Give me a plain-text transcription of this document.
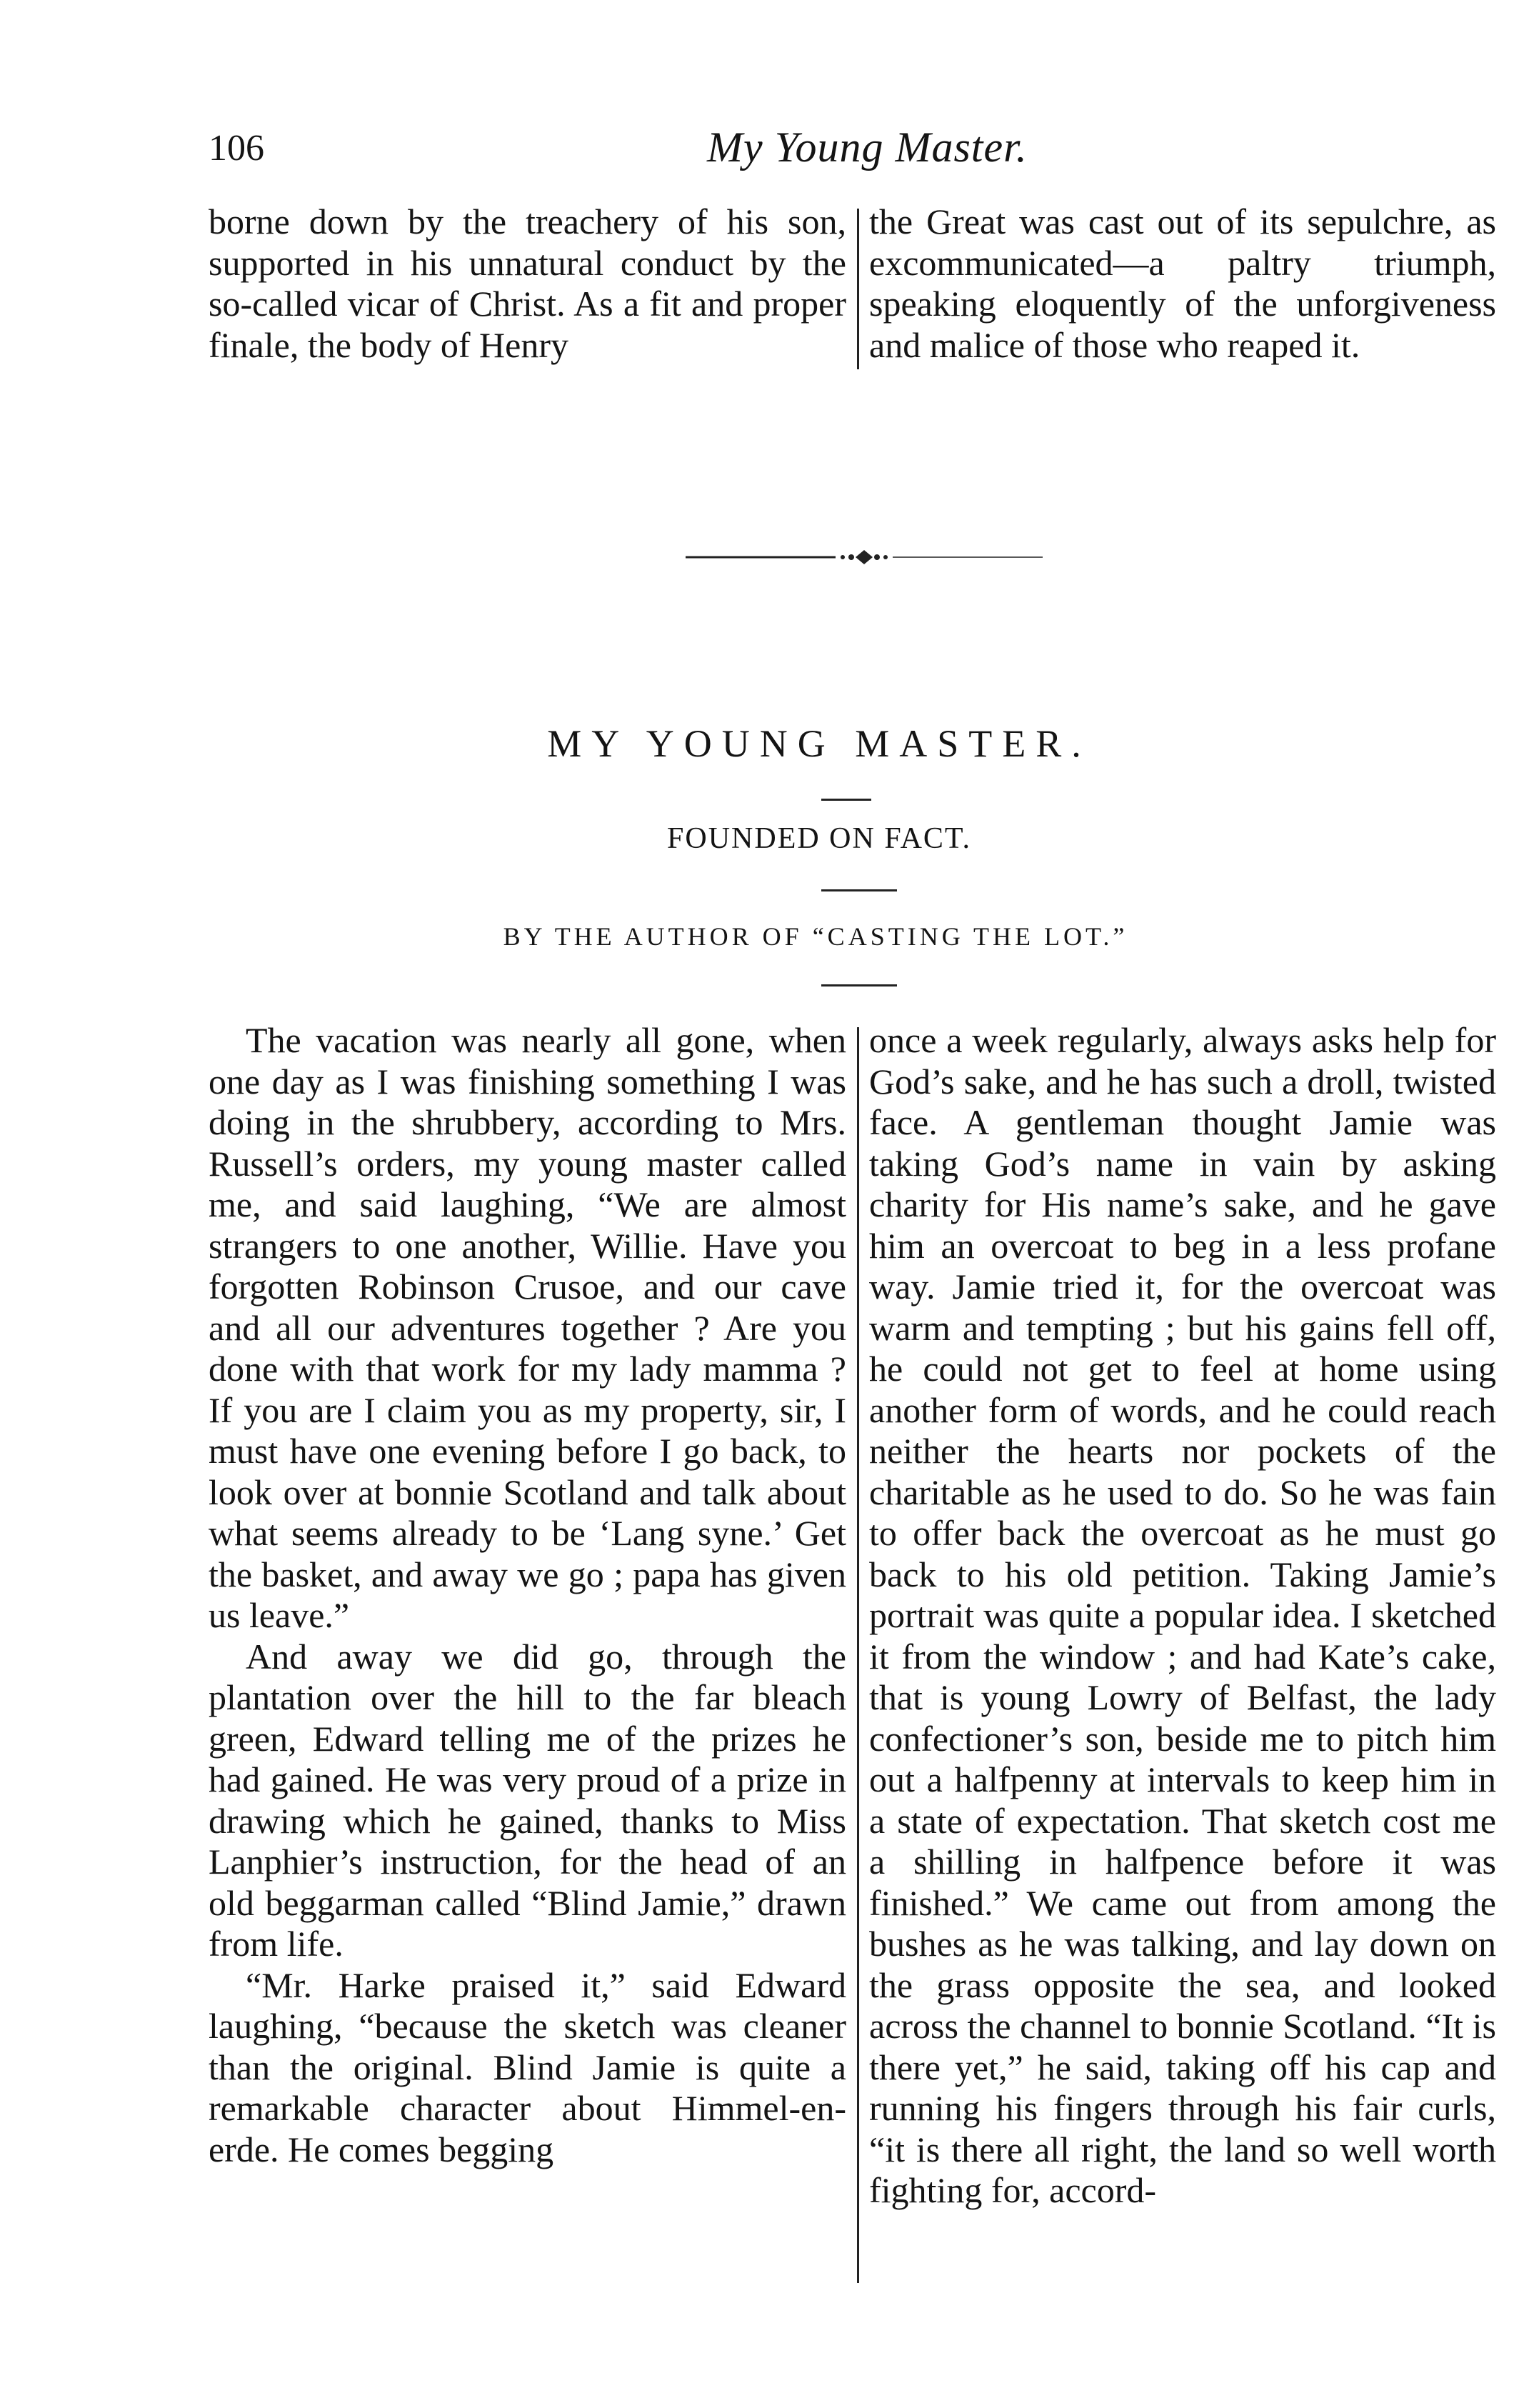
106	My Young Master.

borne down by the treachery of his son, supported in his unnatural conduct by the so-called vicar of Christ. As a fit and proper finale, the body of Henry

the Great was cast out of its sepulchre, as excommunicated—a paltry triumph, speaking eloquently of the unforgiveness and malice of those who reaped it.

MY YOUNG MASTER.
FOUNDED ON FACT.
BY THE AUTHOR OF “CASTING THE LOT.”

The vacation was nearly all gone, when one day as I was finishing something I was doing in the shrubbery, according to Mrs. Russell’s orders, my young master called me, and said laughing, “We are almost strangers to one another, Willie. Have you forgotten Robinson Crusoe, and our cave and all our adventures together ? Are you done with that work for my lady mamma ? If you are I claim you as my property, sir, I must have one evening before I go back, to look over at bonnie Scotland and talk about what seems already to be ‘Lang syne.’ Get the basket, and away we go ; papa has given us leave.”

And away we did go, through the plantation over the hill to the far bleach green, Edward telling me of the prizes he had gained. He was very proud of a prize in drawing which he gained, thanks to Miss Lanphier’s instruction, for the head of an old beggarman called “Blind Jamie,” drawn from life.

“Mr. Harke praised it,” said Edward laughing, “because the sketch was cleaner than the original. Blind Jamie is quite a remarkable character about Himmel-en-erde. He comes begging

once a week regularly, always asks help for God’s sake, and he has such a droll, twisted face. A gentleman thought Jamie was taking God’s name in vain by asking charity for His name’s sake, and he gave him an overcoat to beg in a less profane way. Jamie tried it, for the overcoat was warm and tempting ; but his gains fell off, he could not get to feel at home using another form of words, and he could reach neither the hearts nor pockets of the charitable as he used to do. So he was fain to offer back the overcoat as he must go back to his old petition. Taking Jamie’s portrait was quite a popular idea. I sketched it from the window ; and had Kate’s cake, that is young Lowry of Belfast, the lady confectioner’s son, beside me to pitch him out a halfpenny at intervals to keep him in a state of expectation. That sketch cost me a shilling in halfpence before it was finished.” We came out from among the bushes as he was talking, and lay down on the grass opposite the sea, and looked across the channel to bonnie Scotland. “It is there yet,” he said, taking off his cap and running his fingers through his fair curls, “it is there all right, the land so well worth fighting for, accord-
